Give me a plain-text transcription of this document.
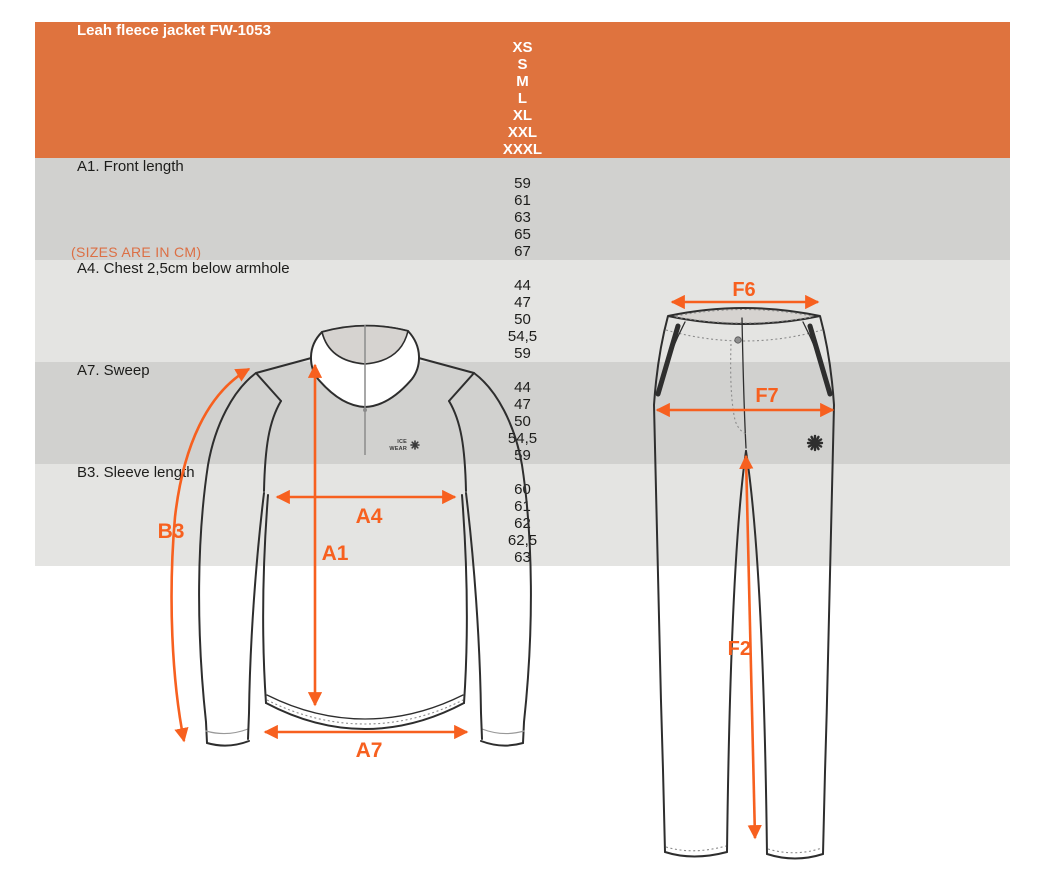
Leah fleece jacket FW-1053
XS
S
M
L
XL
XXL
XXXL
A1. Front length
59
61
63
65
67
A4. Chest 2,5cm below armhole
44
47
50
54,5
59
A7. Sweep
44
47
50
54,5
59
B3. Sleeve length
60
61
62
62,5
63
(SIZES ARE IN CM)
ICE
WEAR
B3
A4
A1
A7
F6
F7
F2
